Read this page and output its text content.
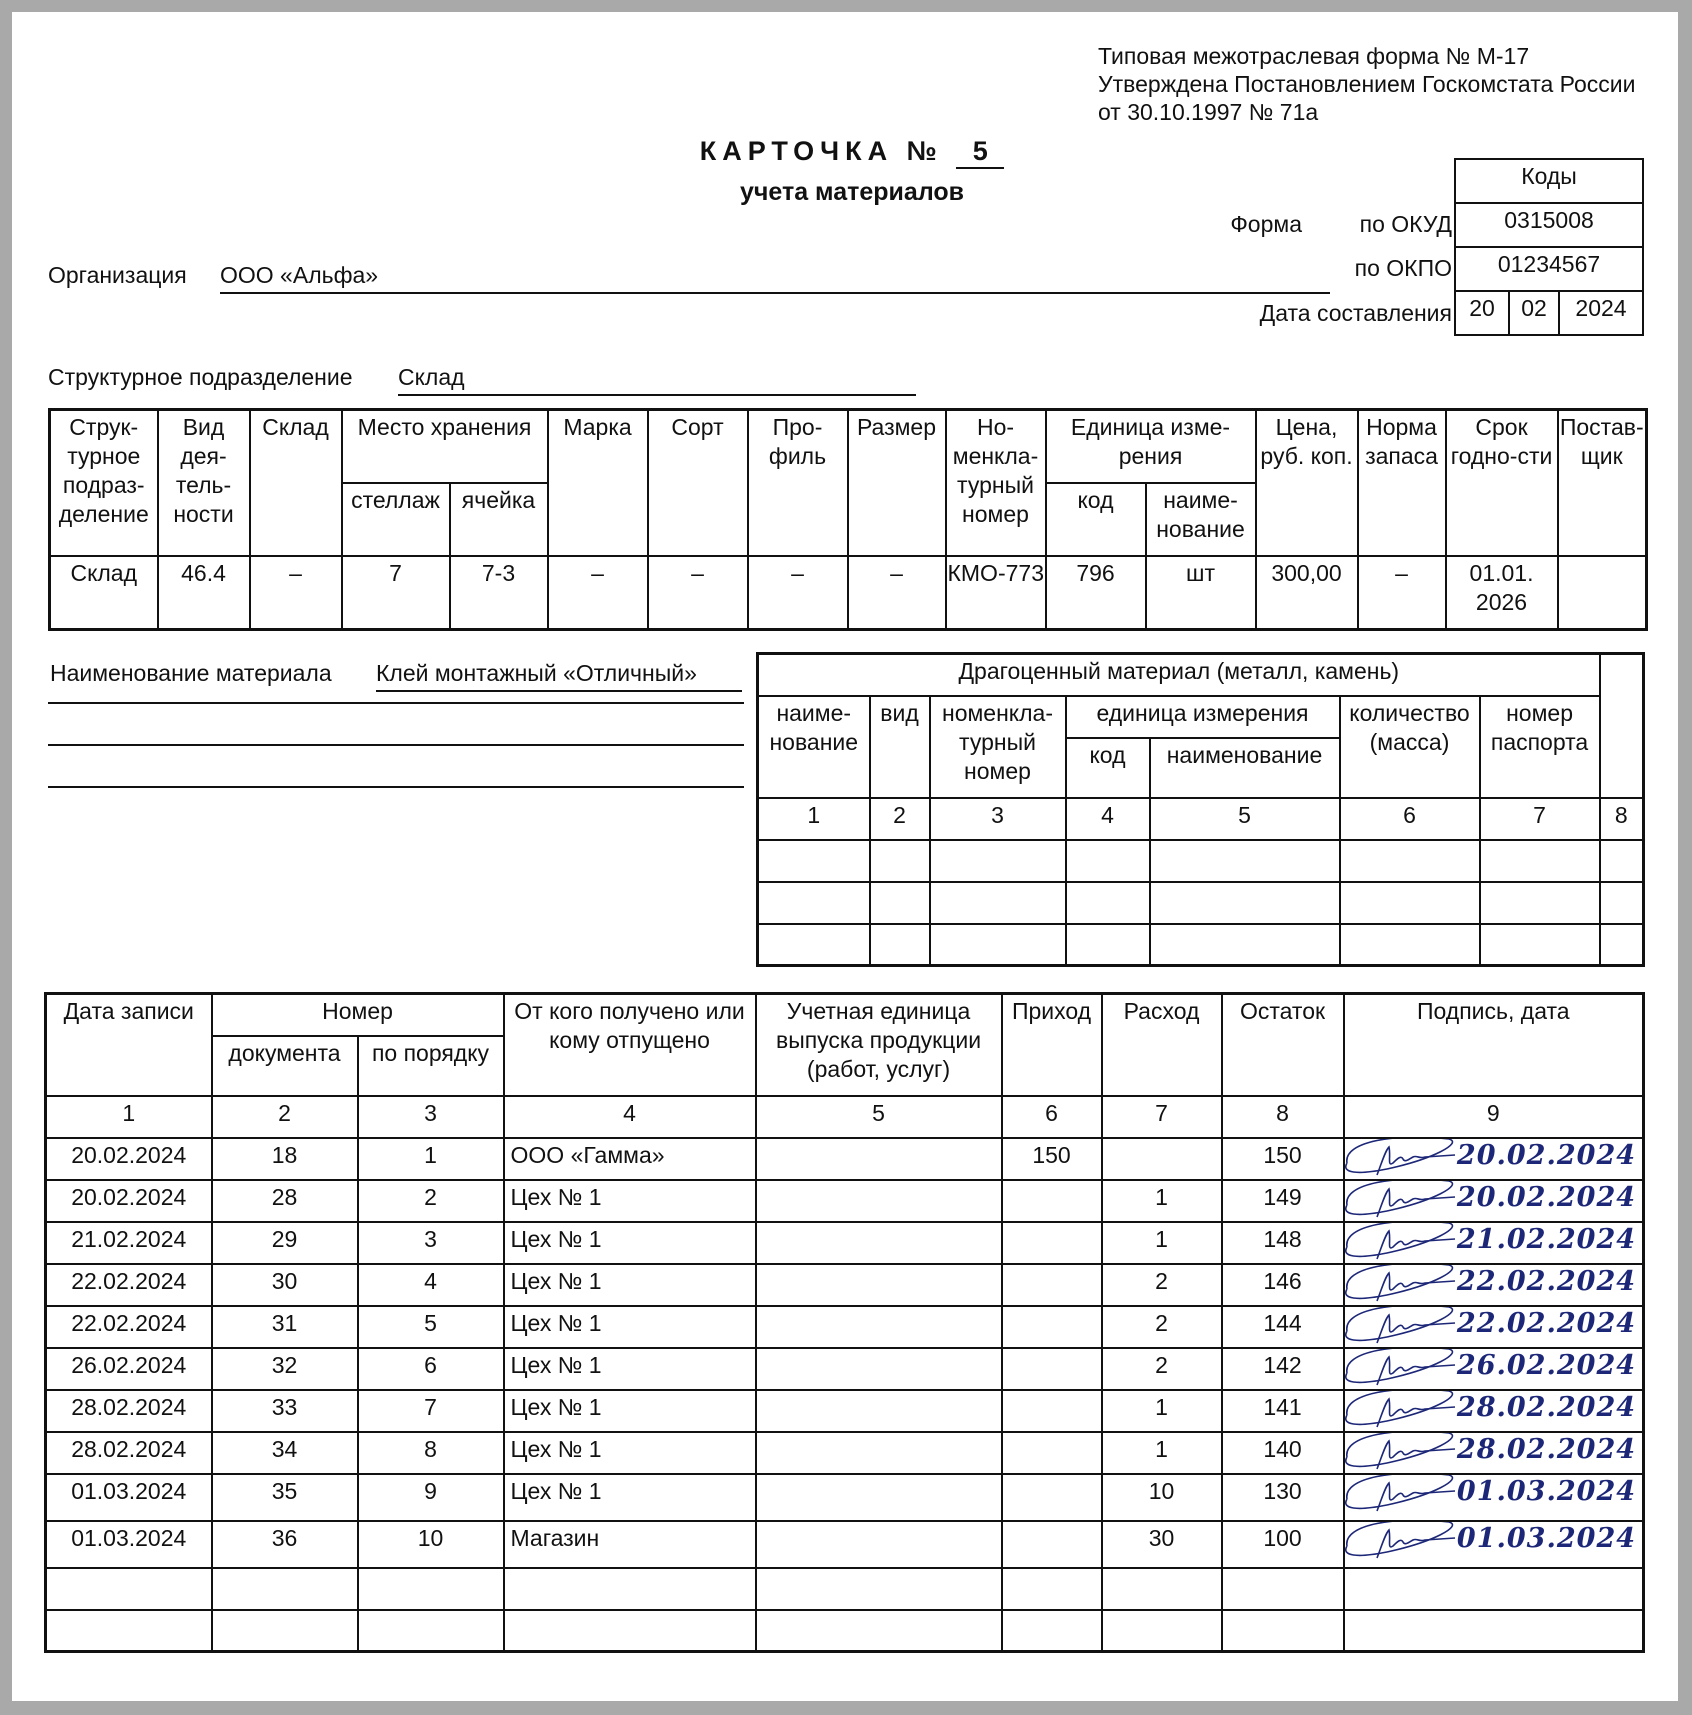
Типовая межотраслевая форма № М-17
Утверждена Постановлением Госкомстата России
от 30.10.1997 № 71а
КАРТОЧКА № 5
учета материалов
Форма	по ОКУД
по ОКПО
Дата составления
Коды
0315008
01234567
20	02	2024
Организация ООО «Альфа»
Структурное подразделение Склад
Струк-турное подраз-деление	Вид дея-тель-ности	Склад	Место хранения		Марка	Сорт	Про-филь	Размер	Но-менкла-турный номер	Единица изме-рения		Цена, руб. коп.	Норма запаса	Срок годно-сти	Постав-щик
			стеллаж	ячейка						код	наиме-нование				
Склад	46.4	–	7	7-3	–	–	–	–	КМО-773	796	шт	300,00	–	01.01. 2026	
Наименование материала Клей монтажный «Отличный»	Драгоценный материал (металл, камень)							
наиме-нование	вид	номенкла-турный номер	единица измерения		количество (масса)	номер паспорта	
			код	наименование			
1	2	3	4	5	6	7	8

Дата записи	Номер		От кого получено или кому отпущено	Учетная единица выпуска продукции (работ, услуг)	Приход	Расход	Остаток	Подпись, дата
	документа	по порядку						
1	2	3	4	5	6	7	8	9
20.02.2024	18	1	ООО «Гамма»		150		150	20.02.2024
20.02.2024	28	2	Цех № 1			1	149	20.02.2024
21.02.2024	29	3	Цех № 1			1	148	21.02.2024
22.02.2024	30	4	Цех № 1			2	146	22.02.2024
22.02.2024	31	5	Цех № 1			2	144	22.02.2024
26.02.2024	32	6	Цех № 1			2	142	26.02.2024
28.02.2024	33	7	Цех № 1			1	141	28.02.2024
28.02.2024	34	8	Цех № 1			1	140	28.02.2024
01.03.2024	35	9	Цех № 1			10	130	01.03.2024
01.03.2024	36	10	Магазин			30	100	01.03.2024
